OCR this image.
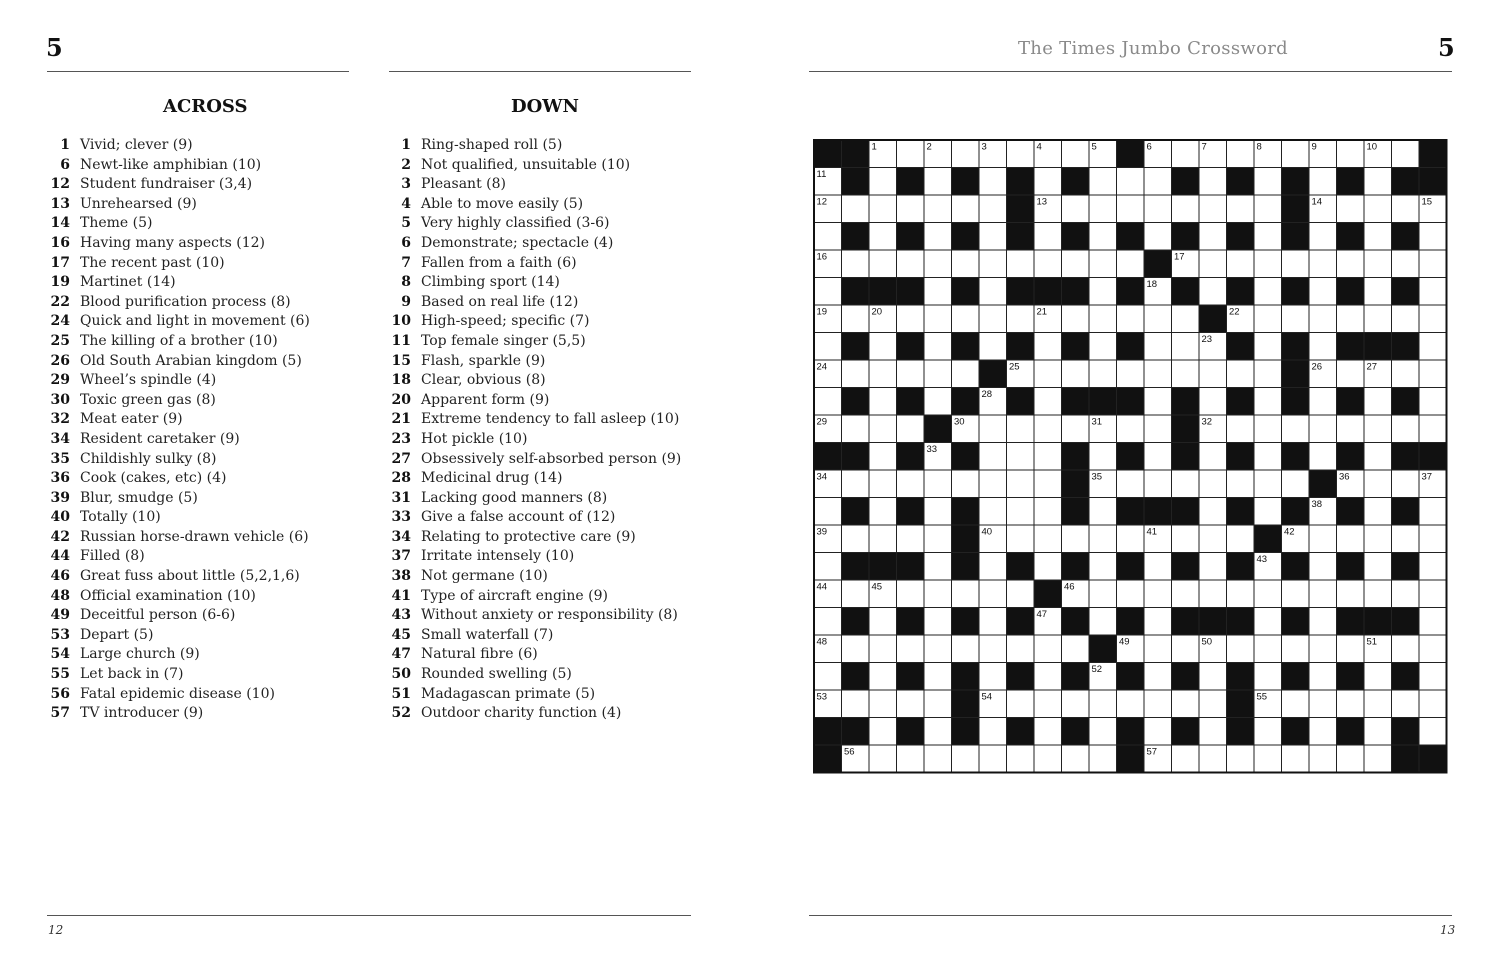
5	The Times Jumbo Crossword	5
ACROSS
1 Vivid; clever (9)
6 Newt-like amphibian (10)
12 Student fundraiser (3,4)
13 Unrehearsed (9)
14 Theme (5)
16 Having many aspects (12)
17 The recent past (10)
19 Martinet (14)
22 Blood purification process (8)
24 Quick and light in movement (6)
25 The killing of a brother (10)
26 Old South Arabian kingdom (5)
29 Wheel’s spindle (4)
30 Toxic green gas (8)
32 Meat eater (9)
34 Resident caretaker (9)
35 Childishly sulky (8)
36 Cook (cakes, etc) (4)
39 Blur, smudge (5)
40 Totally (10)
42 Russian horse-drawn vehicle (6)
44 Filled (8)
46 Great fuss about little (5,2,1,6)
48 Official examination (10)
49 Deceitful person (6-6)
53 Depart (5)
54 Large church (9)
55 Let back in (7)
56 Fatal epidemic disease (10)
57 TV introducer (9)
DOWN
1 Ring-shaped roll (5)
2 Not qualified, unsuitable (10)
3 Pleasant (8)
4 Able to move easily (5)
5 Very highly classified (3-6)
6 Demonstrate; spectacle (4)
7 Fallen from a faith (6)
8 Climbing sport (14)
9 Based on real life (12)
10 High-speed; specific (7)
11 Top female singer (5,5)
15 Flash, sparkle (9)
18 Clear, obvious (8)
20 Apparent form (9)
21 Extreme tendency to fall asleep (10)
23 Hot pickle (10)
27 Obsessively self-absorbed person (9)
28 Medicinal drug (14)
31 Lacking good manners (8)
33 Give a false account of (12)
34 Relating to protective care (9)
37 Irritate intensely (10)
38 Not germane (10)
41 Type of aircraft engine (9)
43 Without anxiety or responsibility (8)
45 Small waterfall (7)
47 Natural fibre (6)
50 Rounded swelling (5)
51 Madagascan primate (5)
52 Outdoor charity function (4)
1	2	3	4	5	6	7	8	9	10
11
12	13	14	15
16	17
18
19	20	21	22
23
24	25	26	27
28
29	30	31	32
33
34	35	36	37
38
39	40	41	42
43
44	45	46
47
48	49	50	51
52
53	54	55
56	57
12	13
